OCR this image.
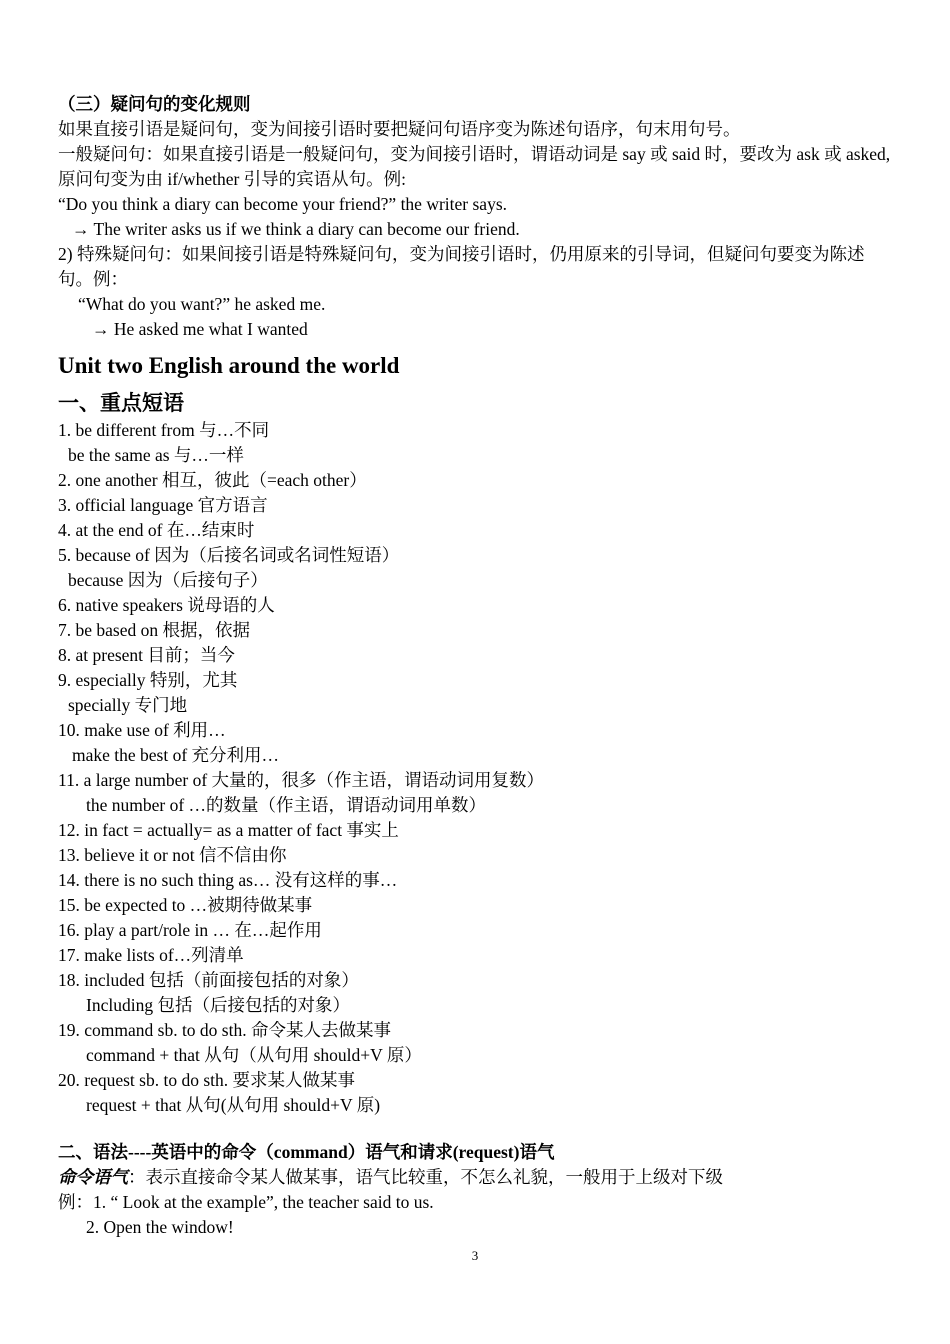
（三）疑问句的变化规则

如果直接引语是疑问句，变为间接引语时要把疑问句语序变为陈述句语序，句末用句号。

一般疑问句：如果直接引语是一般疑问句，变为间接引语时，谓语动词是 say 或 said 时，要改为 ask 或 asked,原问句变为由 if/whether 引导的宾语从句。例:

“Do you think a diary can become your friend?” the writer says.

→ The writer asks us if we think a diary can become our friend.

2) 特殊疑问句：如果间接引语是特殊疑问句，变为间接引语时，仍用原来的引导词，但疑问句要变为陈述句。例：

“What do you want?” he asked me.

→ He asked me what I wanted

Unit two English around the world
一、重点短语

1. be different from 与…不同

be the same as 与…一样

2. one another 相互，彼此（=each other）

3. official language 官方语言

4. at the end of 在…结束时

5. because of 因为（后接名词或名词性短语）

because 因为（后接句子）

6. native speakers 说母语的人

7. be based on 根据，依据

8. at present 目前；当今

9. especially 特别，尤其

specially 专门地

10. make use of 利用…

make the best of 充分利用…

11. a large number of 大量的，很多（作主语，谓语动词用复数）

the number of …的数量（作主语，谓语动词用单数）

12. in fact = actually= as a matter of fact 事实上

13. believe it or not 信不信由你

14. there is no such thing as… 没有这样的事…

15. be expected to …被期待做某事

16. play a part/role in … 在…起作用

17. make lists of…列清单

18. included 包括（前面接包括的对象）

Including 包括（后接包括的对象）

19. command sb. to do sth. 命令某人去做某事

command + that 从句（从句用 should+V 原）

20. request sb. to do sth. 要求某人做某事

request + that 从句(从句用 should+V 原)

二、语法----英语中的命令（command）语气和请求(request)语气

命令语气：表示直接命令某人做某事，语气比较重，不怎么礼貌，一般用于上级对下级

例：1. “ Look at the example”, the teacher said to us.

2. Open the window!

3
